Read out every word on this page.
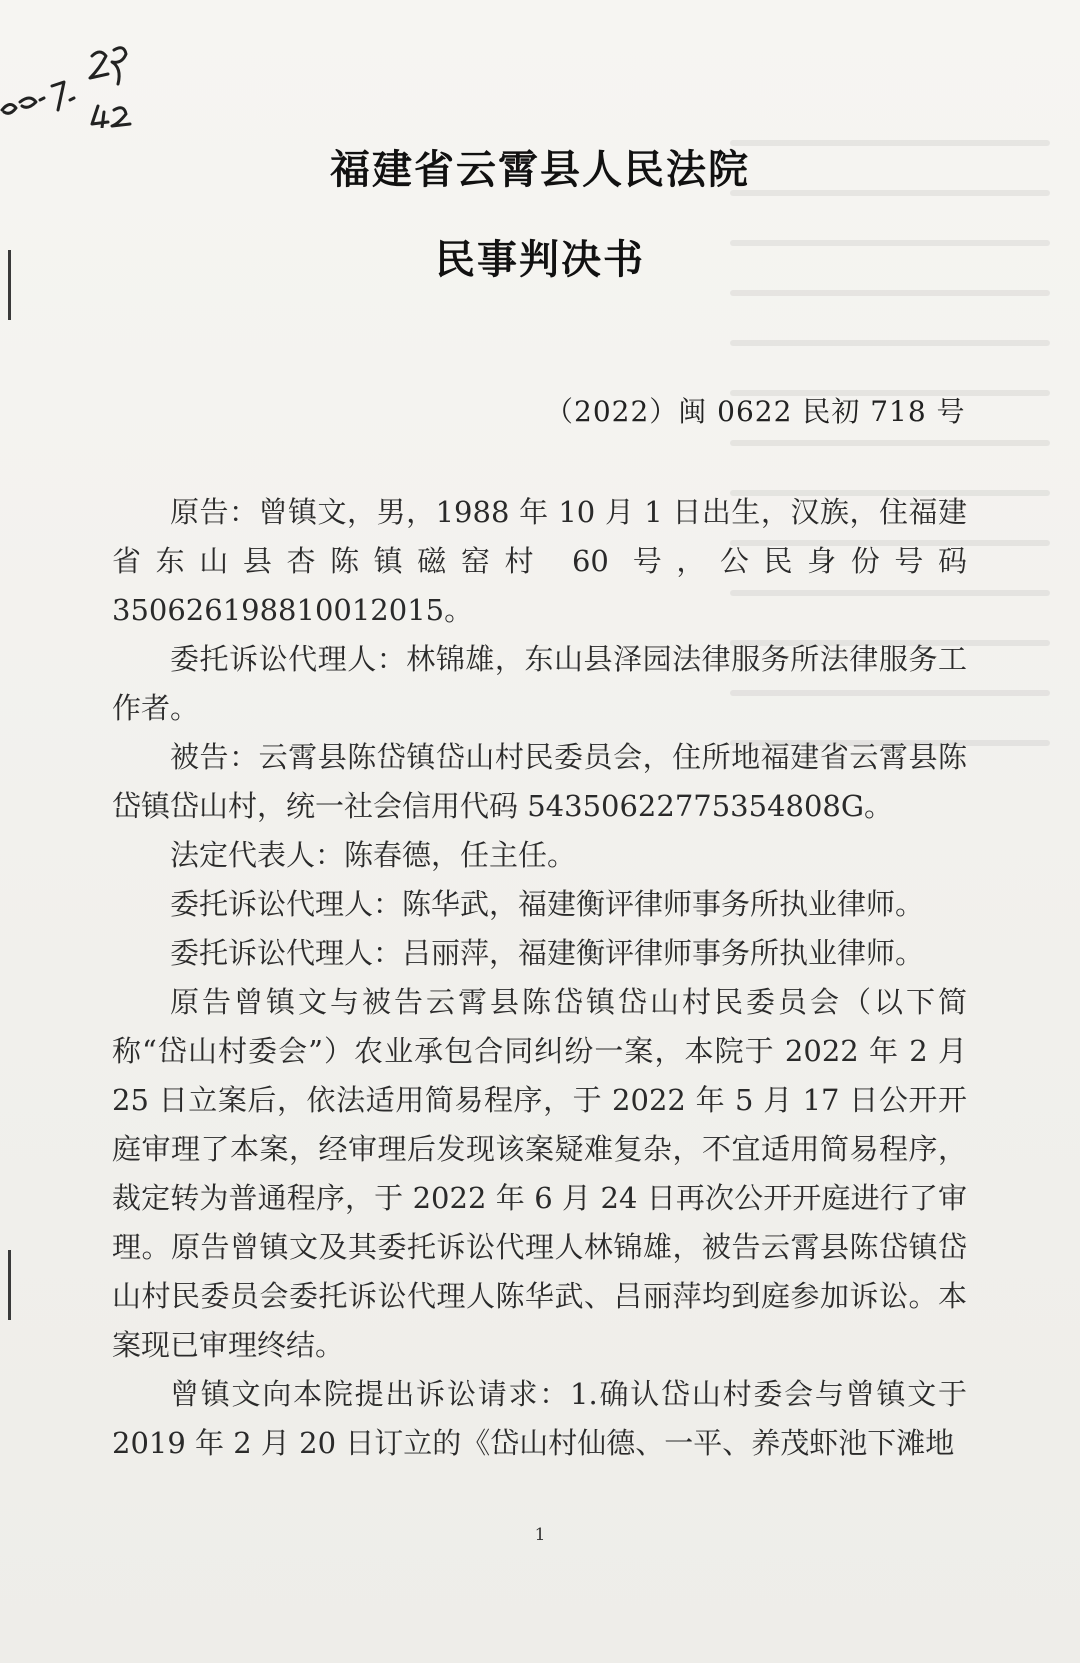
福建省云霄县人民法院
民事判决书
（2022）闽 0622 民初 718 号

原告：曾镇文，男，1988 年 10 月 1 日出生，汉族，住福建省东山县杏陈镇磁窑村 60 号，公民身份号码 350626198810012015。

委托诉讼代理人：林锦雄，东山县泽园法律服务所法律服务工作者。

被告：云霄县陈岱镇岱山村民委员会，住所地福建省云霄县陈岱镇岱山村，统一社会信用代码 54350622775354808G。

法定代表人：陈春德，任主任。

委托诉讼代理人：陈华武，福建衡评律师事务所执业律师。

委托诉讼代理人：吕丽萍，福建衡评律师事务所执业律师。

原告曾镇文与被告云霄县陈岱镇岱山村民委员会（以下简称“岱山村委会”）农业承包合同纠纷一案，本院于 2022 年 2 月 25 日立案后，依法适用简易程序，于 2022 年 5 月 17 日公开开庭审理了本案，经审理后发现该案疑难复杂，不宜适用简易程序，裁定转为普通程序，于 2022 年 6 月 24 日再次公开开庭进行了审理。原告曾镇文及其委托诉讼代理人林锦雄，被告云霄县陈岱镇岱山村民委员会委托诉讼代理人陈华武、吕丽萍均到庭参加诉讼。本案现已审理终结。

曾镇文向本院提出诉讼请求：1.确认岱山村委会与曾镇文于 2019 年 2 月 20 日订立的《岱山村仙德、一平、养茂虾池下滩地

1
